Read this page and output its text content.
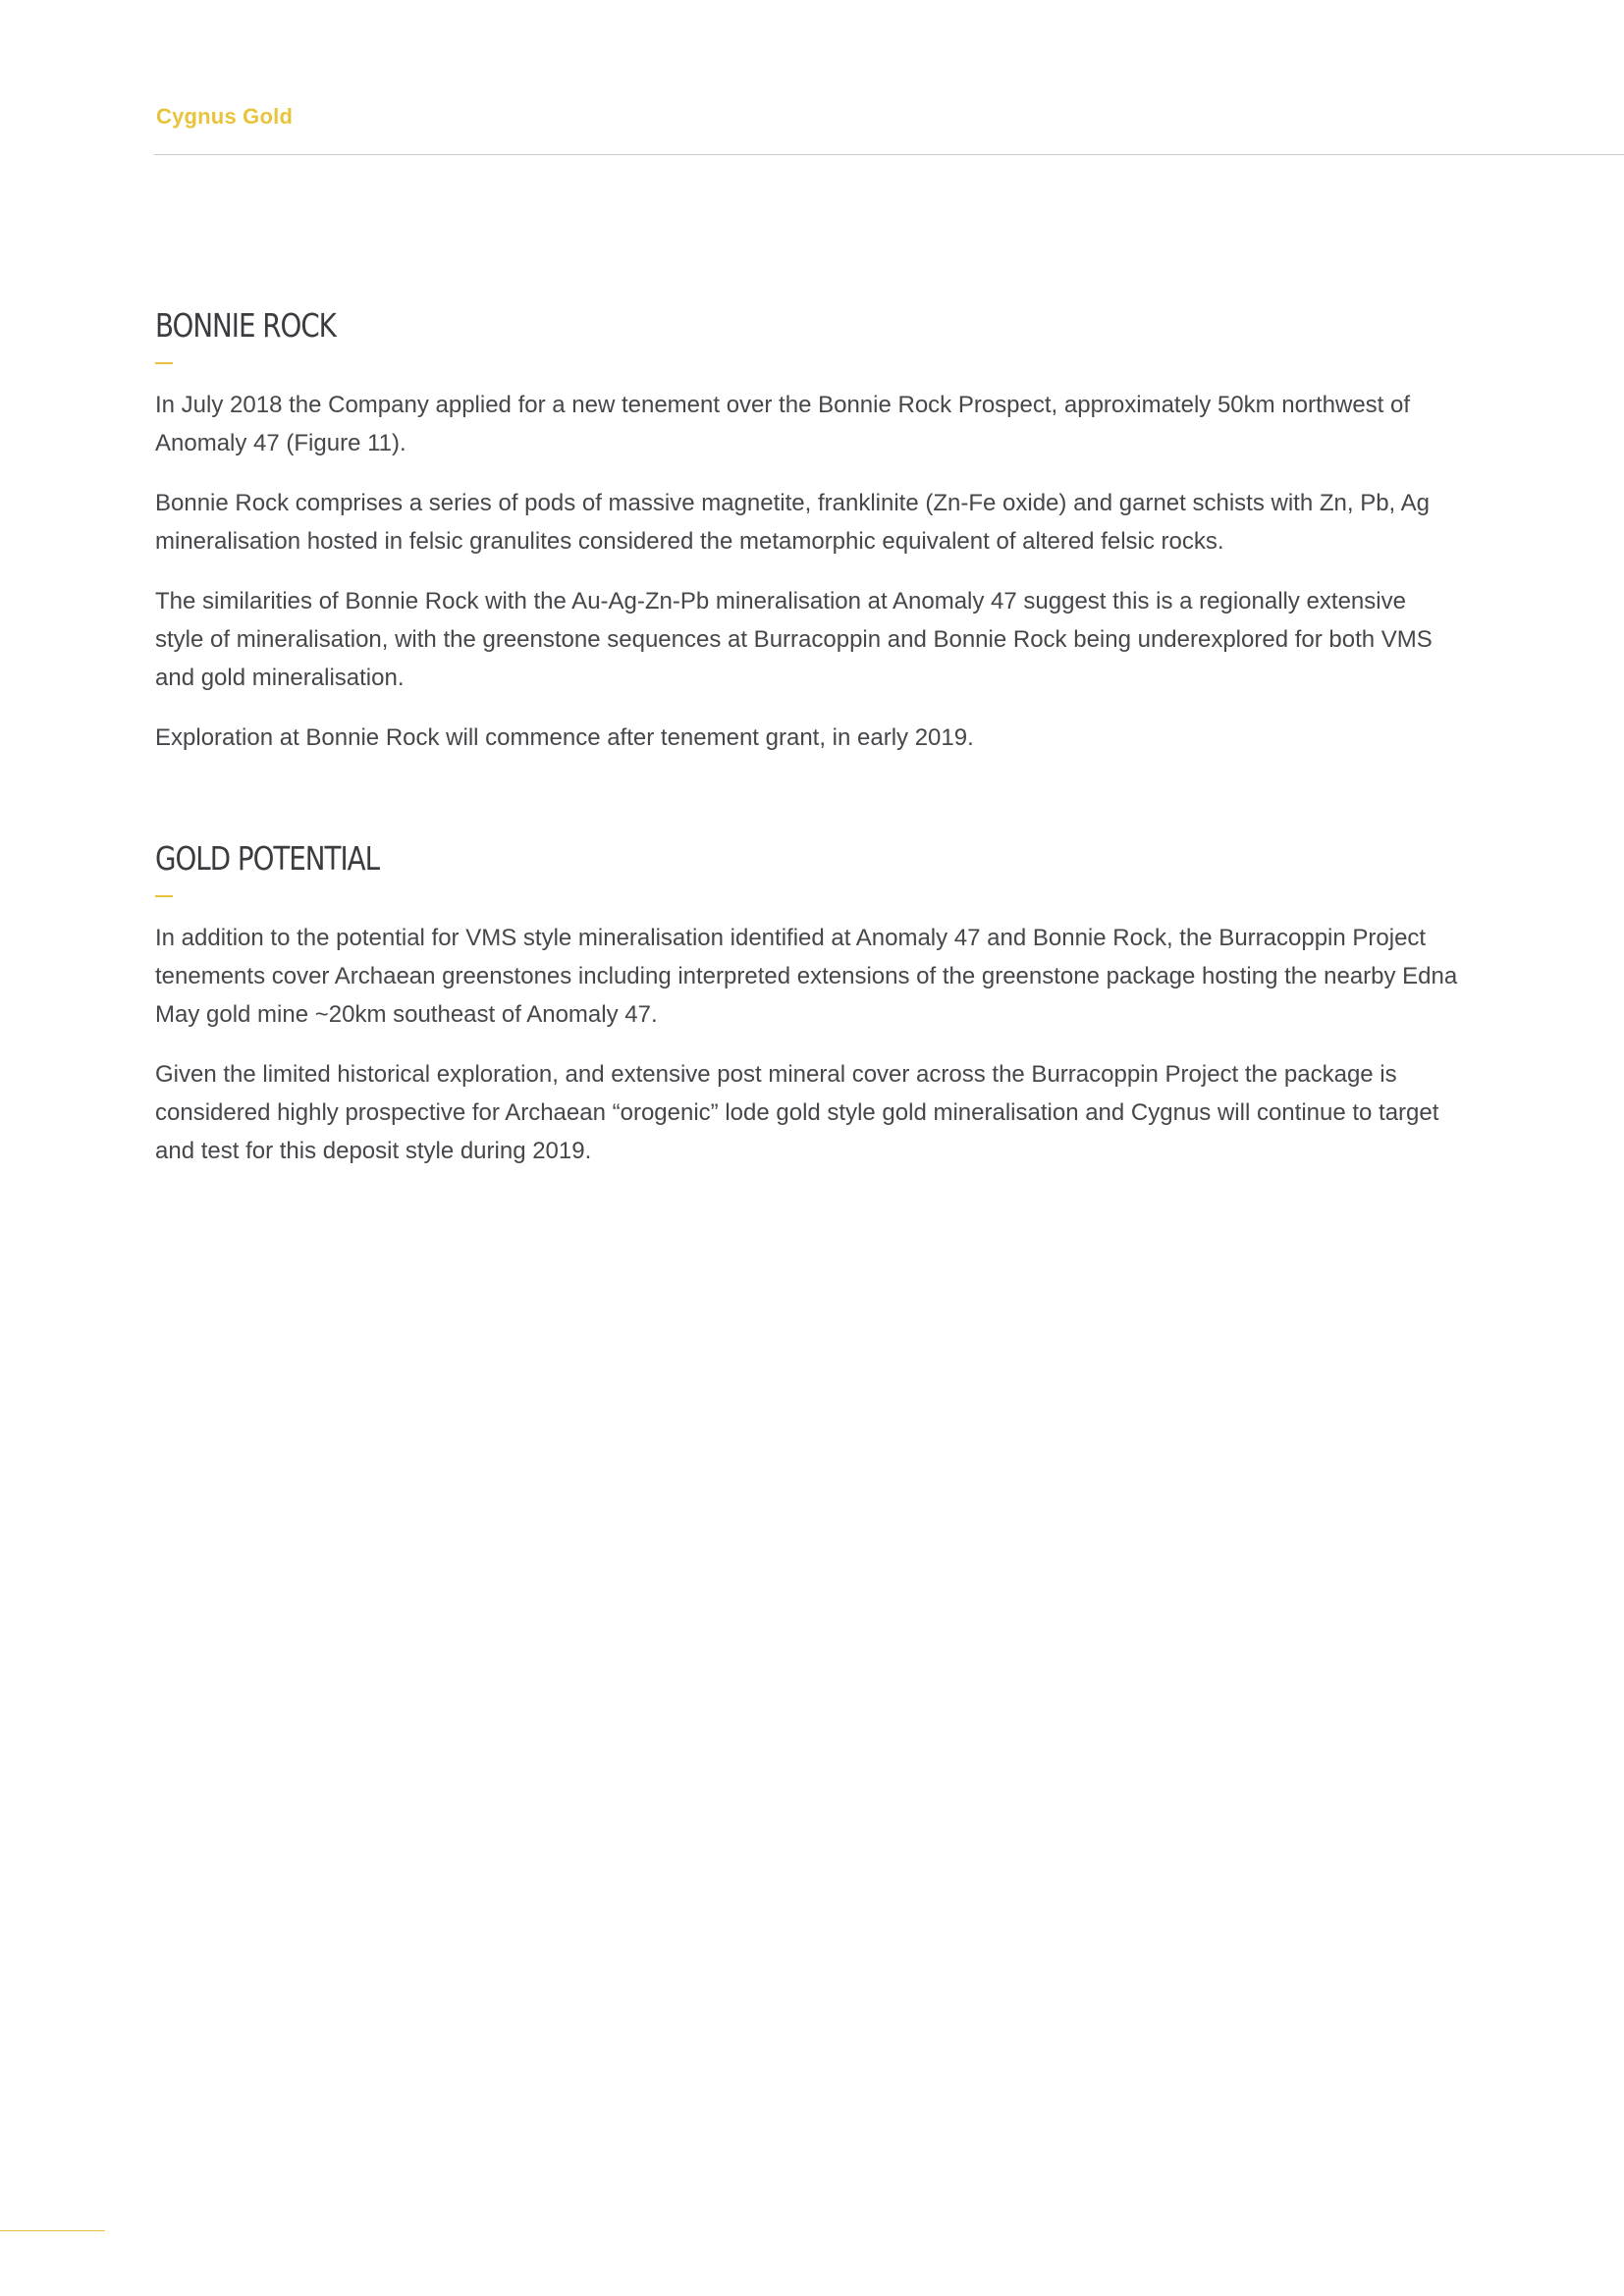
Cygnus Gold
BONNIE ROCK

In July 2018 the Company applied for a new tenement over the Bonnie Rock Prospect, approximately 50km northwest of Anomaly 47 (Figure 11).

Bonnie Rock comprises a series of pods of massive magnetite, franklinite (Zn-Fe oxide) and garnet schists with Zn, Pb, Ag mineralisation hosted in felsic granulites considered the metamorphic equivalent of altered felsic rocks.

The similarities of Bonnie Rock with the Au-Ag-Zn-Pb mineralisation at Anomaly 47 suggest this is a regionally extensive style of mineralisation, with the greenstone sequences at Burracoppin and Bonnie Rock being underexplored for both VMS and gold mineralisation.

Exploration at Bonnie Rock will commence after tenement grant, in early 2019.

GOLD POTENTIAL

In addition to the potential for VMS style mineralisation identified at Anomaly 47 and Bonnie Rock, the Burracoppin Project tenements cover Archaean greenstones including interpreted extensions of the greenstone package hosting the nearby Edna May gold mine ~20km southeast of Anomaly 47.

Given the limited historical exploration, and extensive post mineral cover across the Burracoppin Project the package is considered highly prospective for Archaean “orogenic” lode gold style gold mineralisation and Cygnus will continue to target and test for this deposit style during 2019.
